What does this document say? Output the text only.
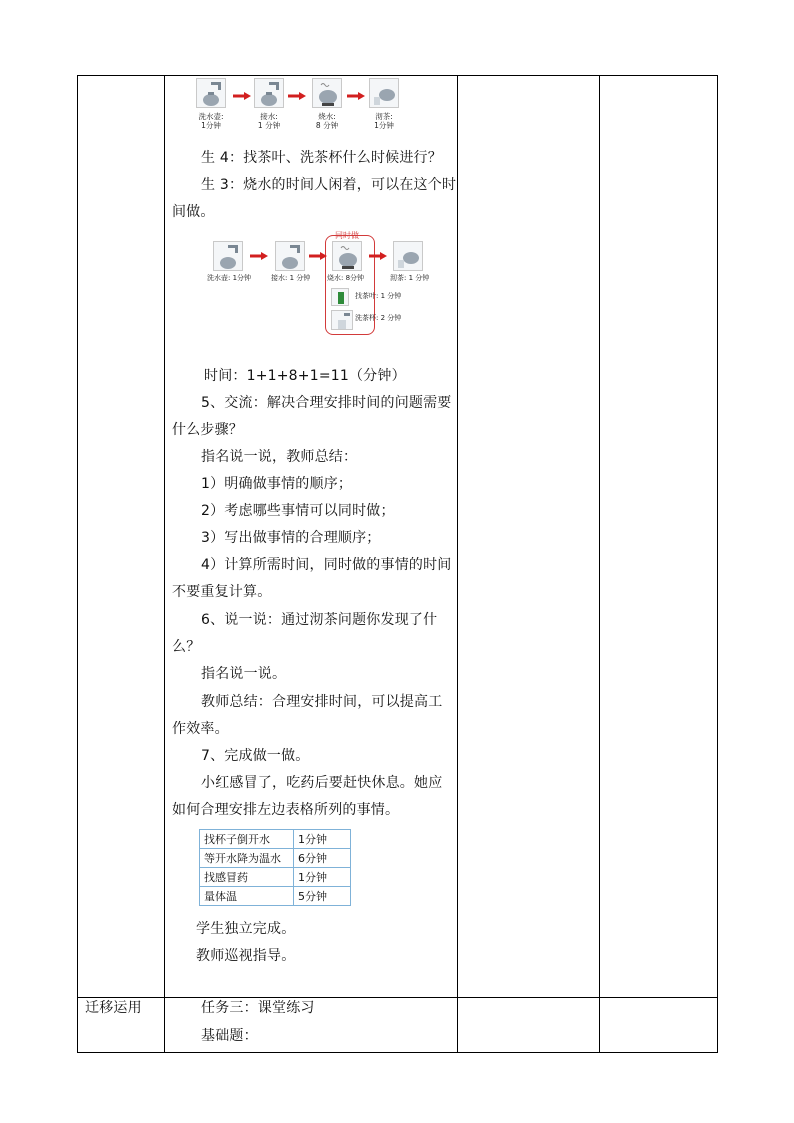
洗水壶:
1分钟
接水:
1 分钟
烧水:
8 分钟
沏茶:
1分钟
生 4：找茶叶、洗茶杯什么时候进行？
生 3：烧水的时间人闲着，可以在这个时
间做。
同时做
洗水壶: 1分钟	接水: 1 分钟 烧水: 8分钟	沏茶: 1 分钟
找茶叶: 1 分钟
洗茶杯: 2 分钟
时间：1+1+8+1=11（分钟）
5、交流：解决合理安排时间的问题需要
什么步骤？
指名说一说，教师总结：
1）明确做事情的顺序；
2）考虑哪些事情可以同时做；
3）写出做事情的合理顺序；
4）计算所需时间，同时做的事情的时间
不要重复计算。
6、说一说：通过沏茶问题你发现了什
么？
指名说一说。
教师总结：合理安排时间，可以提高工
作效率。
7、完成做一做。
小红感冒了，吃药后要赶快休息。她应
如何合理安排左边表格所列的事情。
找杯子倒开水	1分钟
等开水降为温水	6分钟
找感冒药	1分钟
量体温	5分钟
学生独立完成。
教师巡视指导。
迁移运用	任务三：课堂练习
基础题：
